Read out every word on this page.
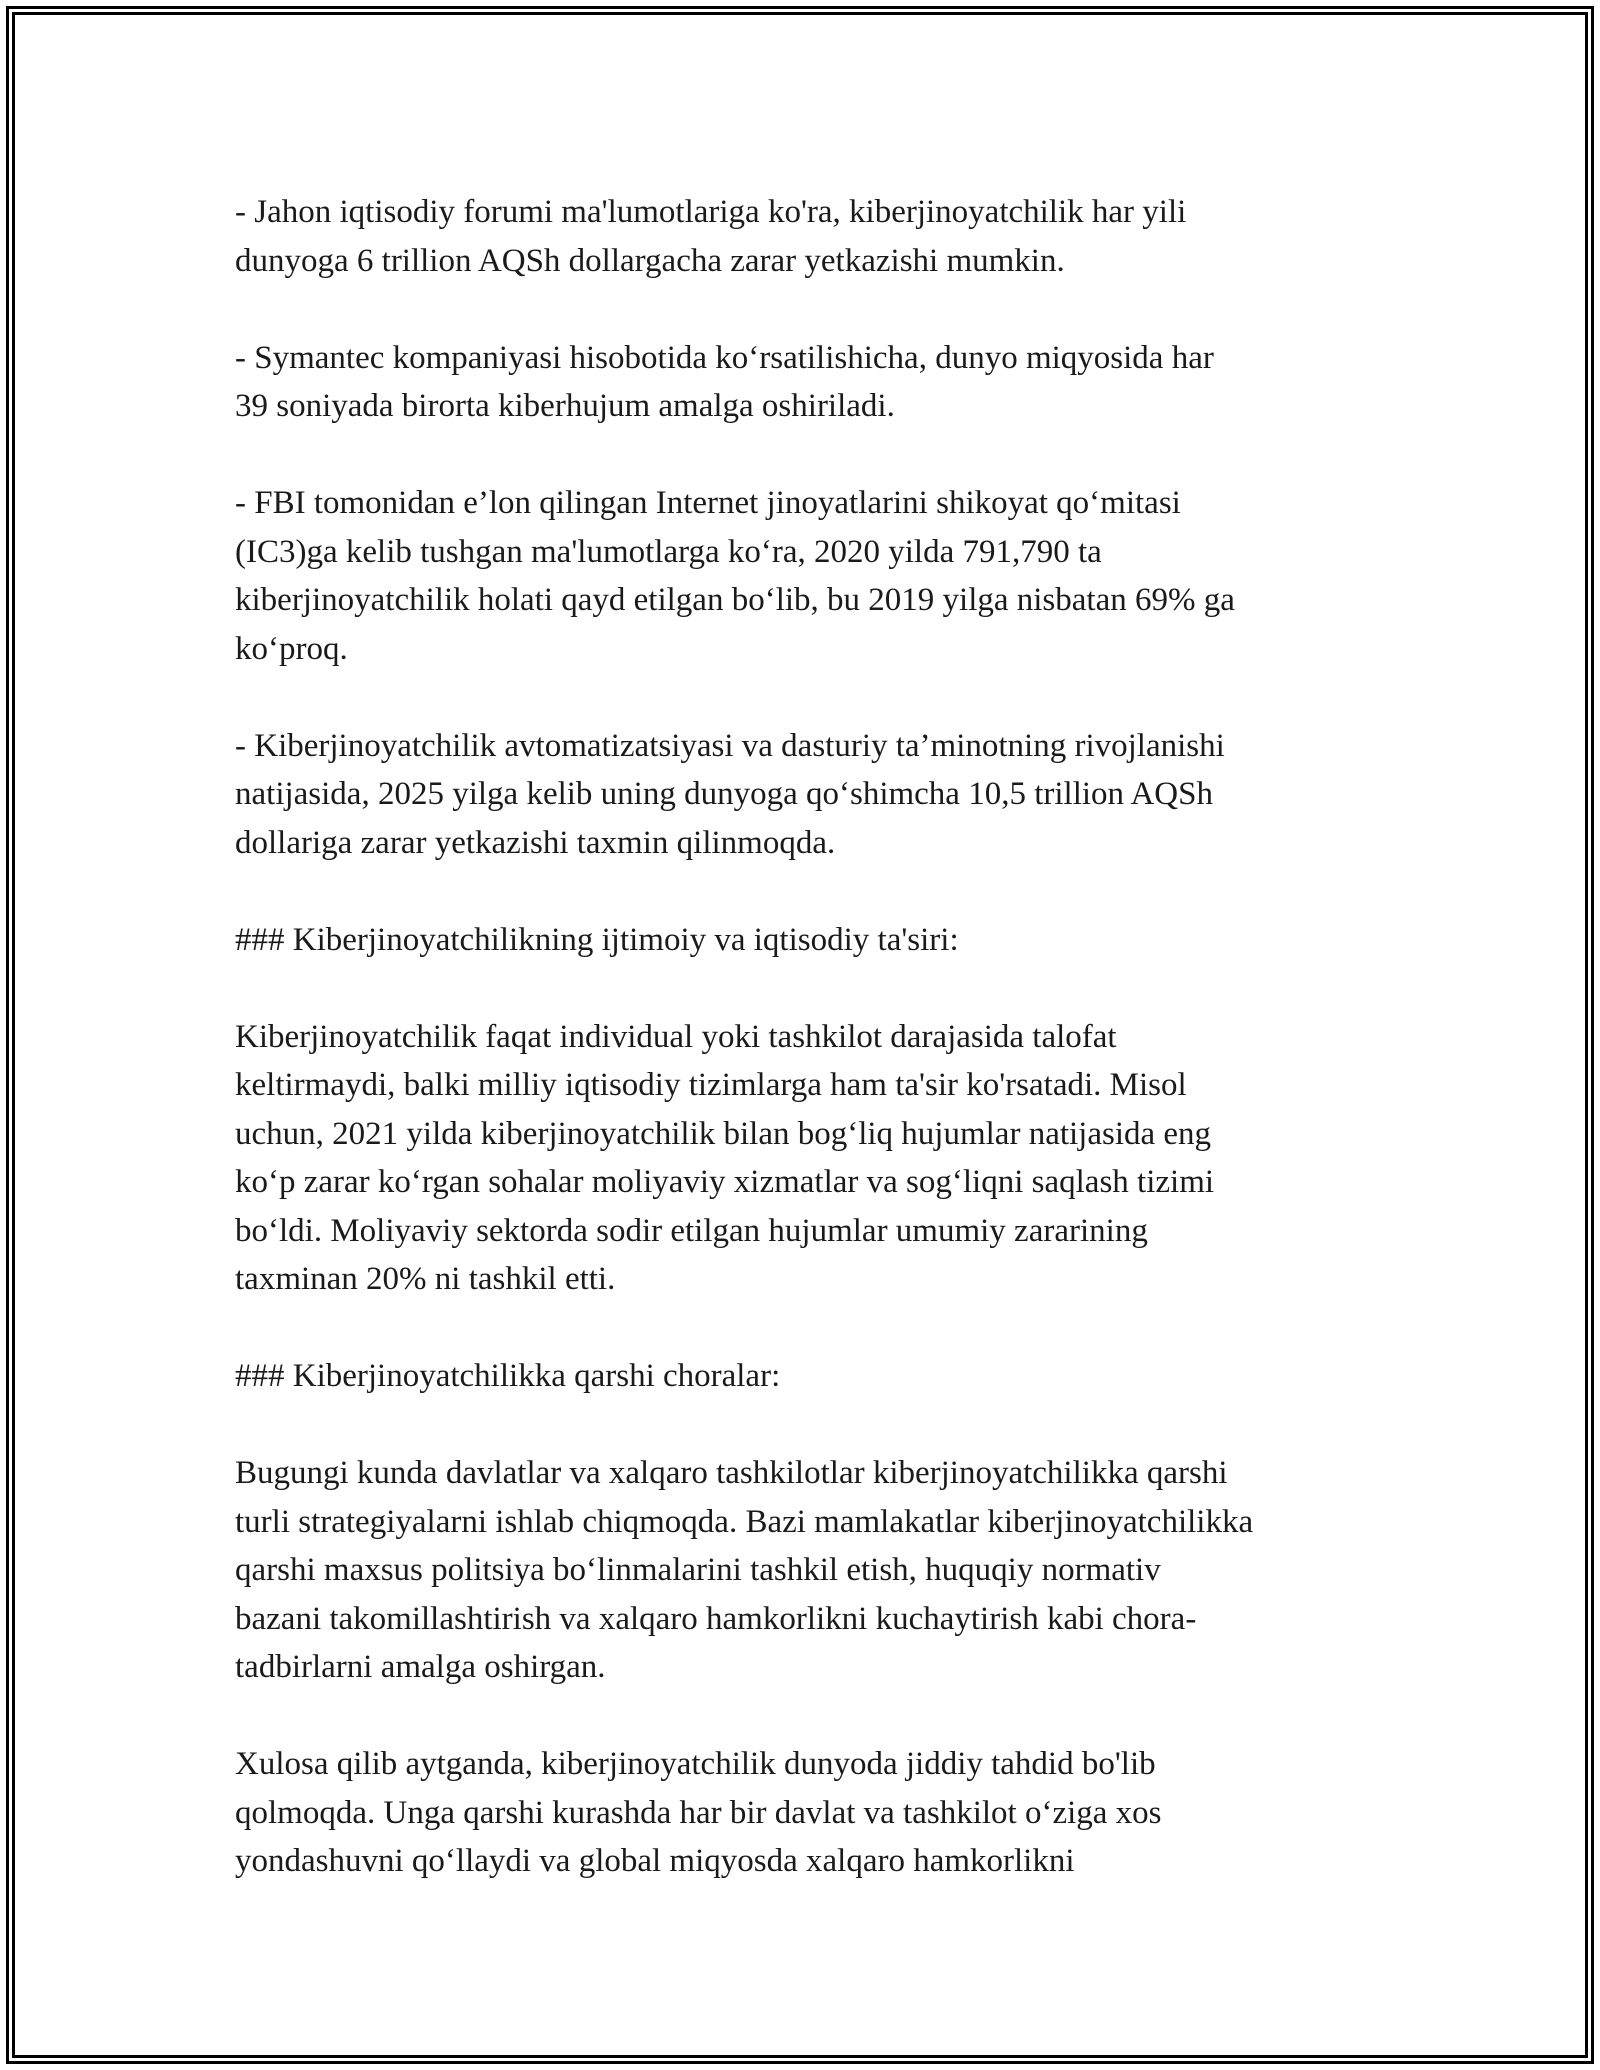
- Jahon iqtisodiy forumi ma'lumotlariga ko'ra, kiberjinoyatchilik har yili
dunyoga 6 trillion AQSh dollargacha zarar yetkazishi mumkin.

- Symantec kompaniyasi hisobotida ko‘rsatilishicha, dunyo miqyosida har
39 soniyada birorta kiberhujum amalga oshiriladi.

- FBI tomonidan e’lon qilingan Internet jinoyatlarini shikoyat qo‘mitasi
(IC3)ga kelib tushgan ma'lumotlarga ko‘ra, 2020 yilda 791,790 ta
kiberjinoyatchilik holati qayd etilgan bo‘lib, bu 2019 yilga nisbatan 69% ga
ko‘proq.

- Kiberjinoyatchilik avtomatizatsiyasi va dasturiy ta’minotning rivojlanishi
natijasida, 2025 yilga kelib uning dunyoga qo‘shimcha 10,5 trillion AQSh
dollariga zarar yetkazishi taxmin qilinmoqda.

### Kiberjinoyatchilikning ijtimoiy va iqtisodiy ta'siri:

Kiberjinoyatchilik faqat individual yoki tashkilot darajasida talofat
keltirmaydi, balki milliy iqtisodiy tizimlarga ham ta'sir ko'rsatadi. Misol
uchun, 2021 yilda kiberjinoyatchilik bilan bog‘liq hujumlar natijasida eng
ko‘p zarar ko‘rgan sohalar moliyaviy xizmatlar va sog‘liqni saqlash tizimi
bo‘ldi. Moliyaviy sektorda sodir etilgan hujumlar umumiy zararining
taxminan 20% ni tashkil etti.

### Kiberjinoyatchilikka qarshi choralar:

Bugungi kunda davlatlar va xalqaro tashkilotlar kiberjinoyatchilikka qarshi
turli strategiyalarni ishlab chiqmoqda. Bazi mamlakatlar kiberjinoyatchilikka
qarshi maxsus politsiya bo‘linmalarini tashkil etish, huquqiy normativ
bazani takomillashtirish va xalqaro hamkorlikni kuchaytirish kabi chora-
tadbirlarni amalga oshirgan.

Xulosa qilib aytganda, kiberjinoyatchilik dunyoda jiddiy tahdid bo'lib
qolmoqda. Unga qarshi kurashda har bir davlat va tashkilot o‘ziga xos
yondashuvni qo‘llaydi va global miqyosda xalqaro hamkorlikni
